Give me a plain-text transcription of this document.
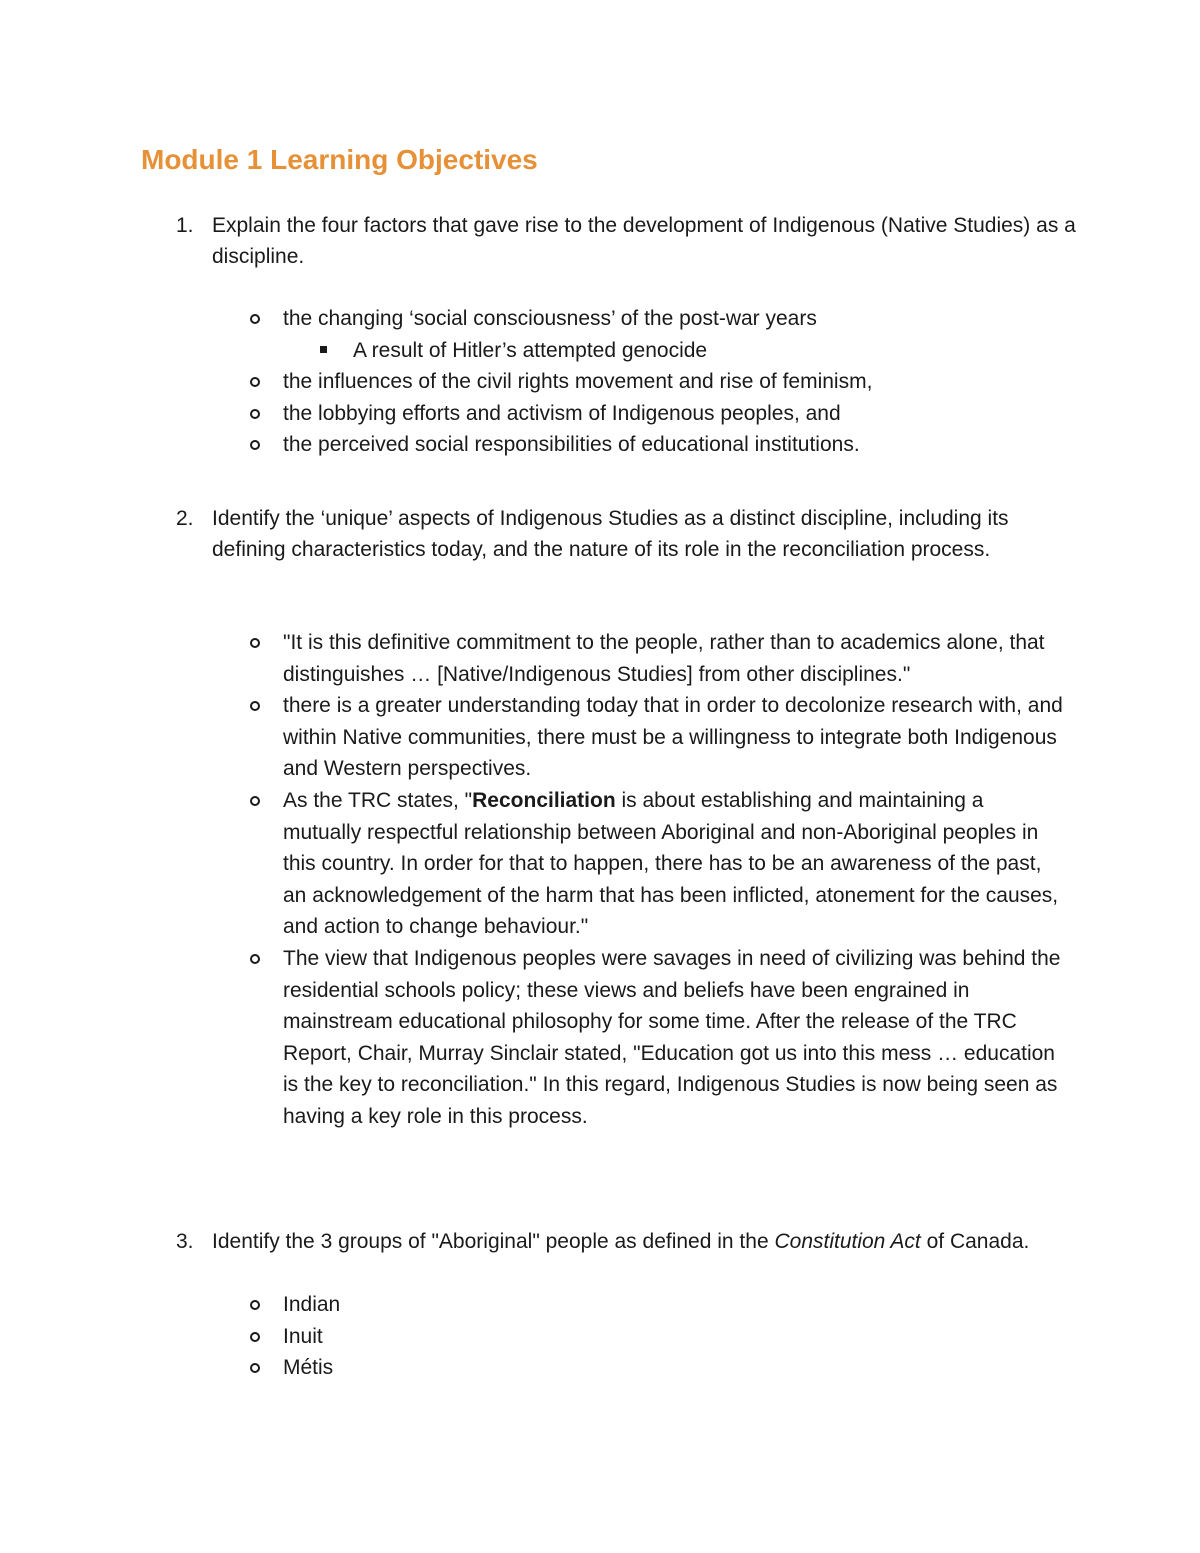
Module 1 Learning Objectives
1. Explain the four factors that gave rise to the development of Indigenous (Native Studies) as a discipline.
the changing ‘social consciousness’ of the post-war years
A result of Hitler’s attempted genocide
the influences of the civil rights movement and rise of feminism,
the lobbying efforts and activism of Indigenous peoples, and
the perceived social responsibilities of educational institutions.
2. Identify the ‘unique’ aspects of Indigenous Studies as a distinct discipline, including its defining characteristics today, and the nature of its role in the reconciliation process.
"It is this definitive commitment to the people, rather than to academics alone, that distinguishes … [Native/Indigenous Studies] from other disciplines."
there is a greater understanding today that in order to decolonize research with, and within Native communities, there must be a willingness to integrate both Indigenous and Western perspectives.
As the TRC states, "Reconciliation is about establishing and maintaining a mutually respectful relationship between Aboriginal and non-Aboriginal peoples in this country. In order for that to happen, there has to be an awareness of the past, an acknowledgement of the harm that has been inflicted, atonement for the causes, and action to change behaviour."
The view that Indigenous peoples were savages in need of civilizing was behind the residential schools policy; these views and beliefs have been engrained in mainstream educational philosophy for some time. After the release of the TRC Report, Chair, Murray Sinclair stated, "Education got us into this mess … education is the key to reconciliation." In this regard, Indigenous Studies is now being seen as having a key role in this process.
3. Identify the 3 groups of "Aboriginal" people as defined in the Constitution Act of Canada.
Indian
Inuit
Métis
